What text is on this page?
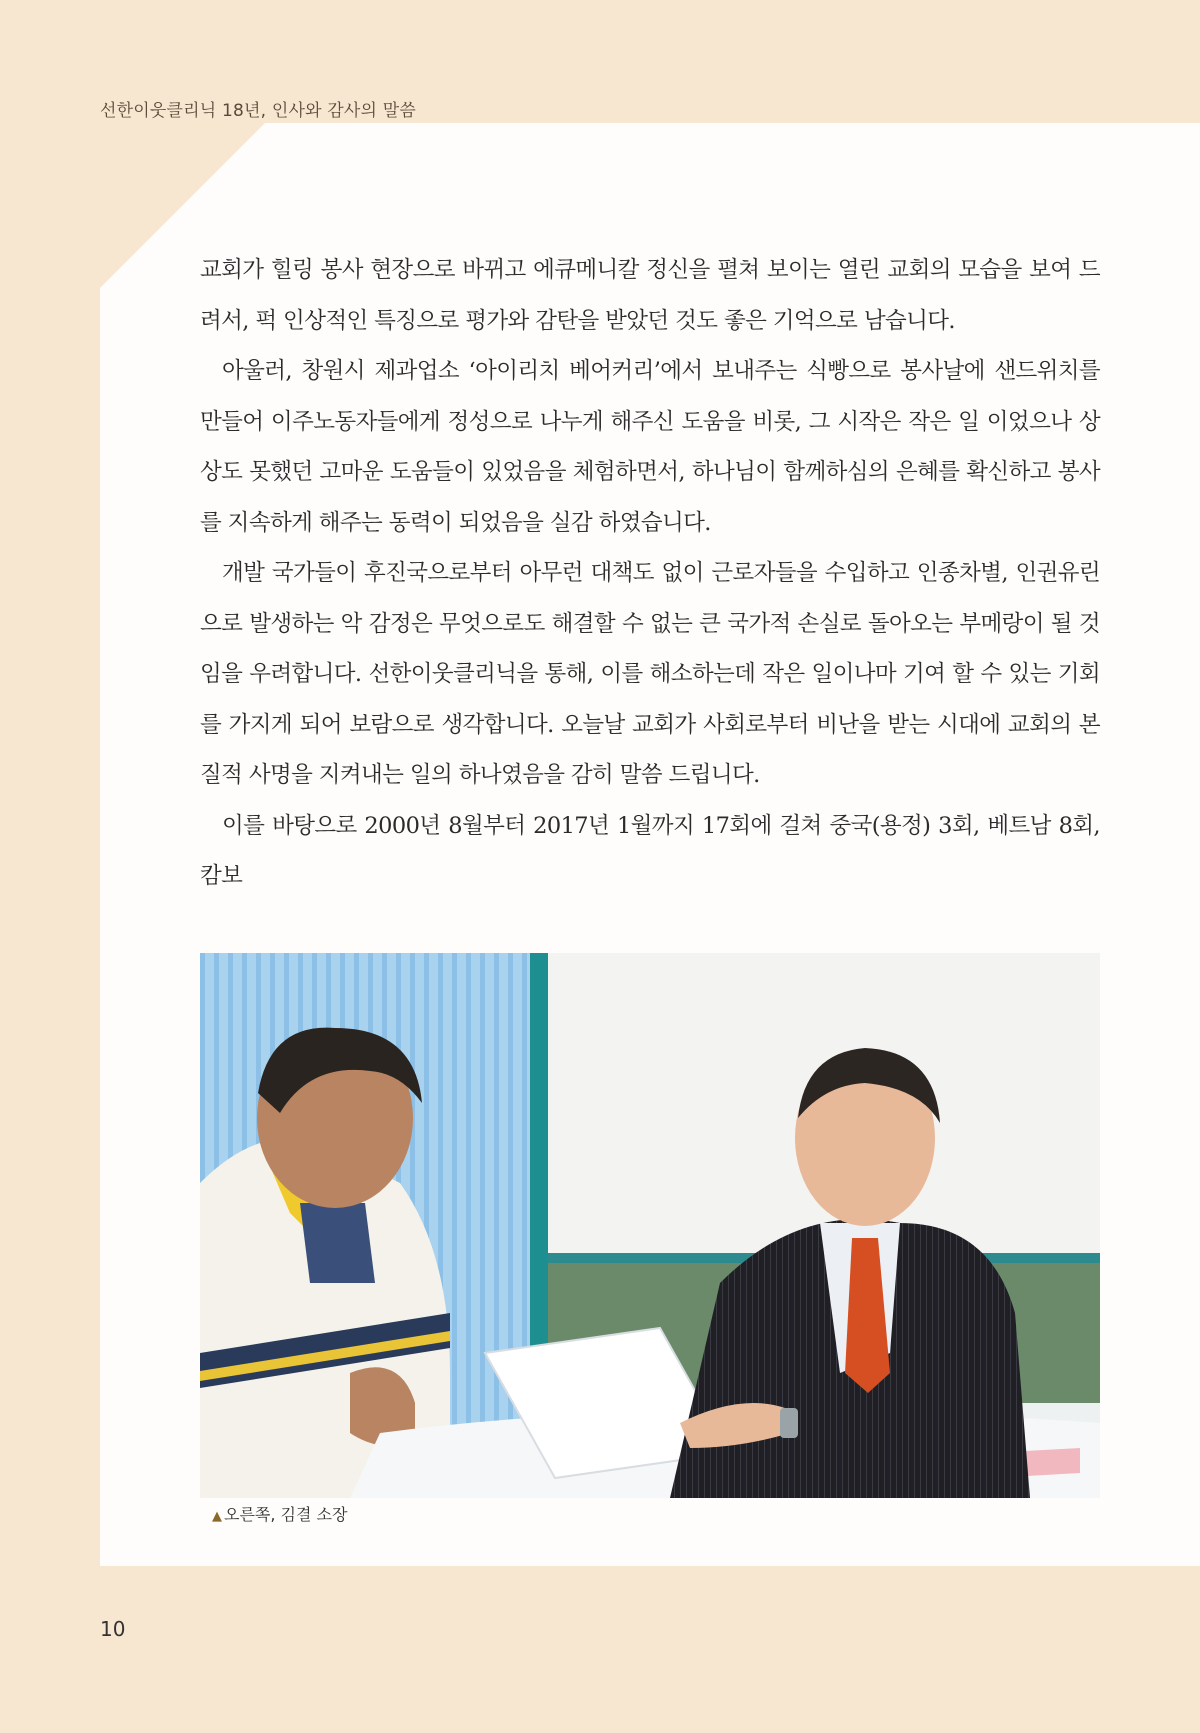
선한이웃클리닉 18년, 인사와 감사의 말씀

교회가 힐링 봉사 현장으로 바뀌고 에큐메니칼 정신을 펼쳐 보이는 열린 교회의 모습을 보여 드려서, 퍽 인상적인 특징으로 평가와 감탄을 받았던 것도 좋은 기억으로 남습니다.

아울러, 창원시 제과업소 ‘아이리치 베어커리’에서 보내주는 식빵으로 봉사날에 샌드위치를 만들어 이주노동자들에게 정성으로 나누게 해주신 도움을 비롯, 그 시작은 작은 일 이었으나 상상도 못했던 고마운 도움들이 있었음을 체험하면서, 하나님이 함께하심의 은혜를 확신하고 봉사를 지속하게 해주는 동력이 되었음을 실감 하였습니다.

개발 국가들이 후진국으로부터 아무런 대책도 없이 근로자들을 수입하고 인종차별, 인권유린으로 발생하는 악 감정은 무엇으로도 해결할 수 없는 큰 국가적 손실로 돌아오는 부메랑이 될 것임을 우려합니다. 선한이웃클리닉을 통해, 이를 해소하는데 작은 일이나마 기여 할 수 있는 기회를 가지게 되어 보람으로 생각합니다. 오늘날 교회가 사회로부터 비난을 받는 시대에 교회의 본질적 사명을 지켜내는 일의 하나였음을 감히 말씀 드립니다.

이를 바탕으로 2000년 8월부터 2017년 1월까지 17회에 걸쳐 중국(용정) 3회, 베트남 8회, 캄보

▲ 오른쪽, 김결 소장
10
